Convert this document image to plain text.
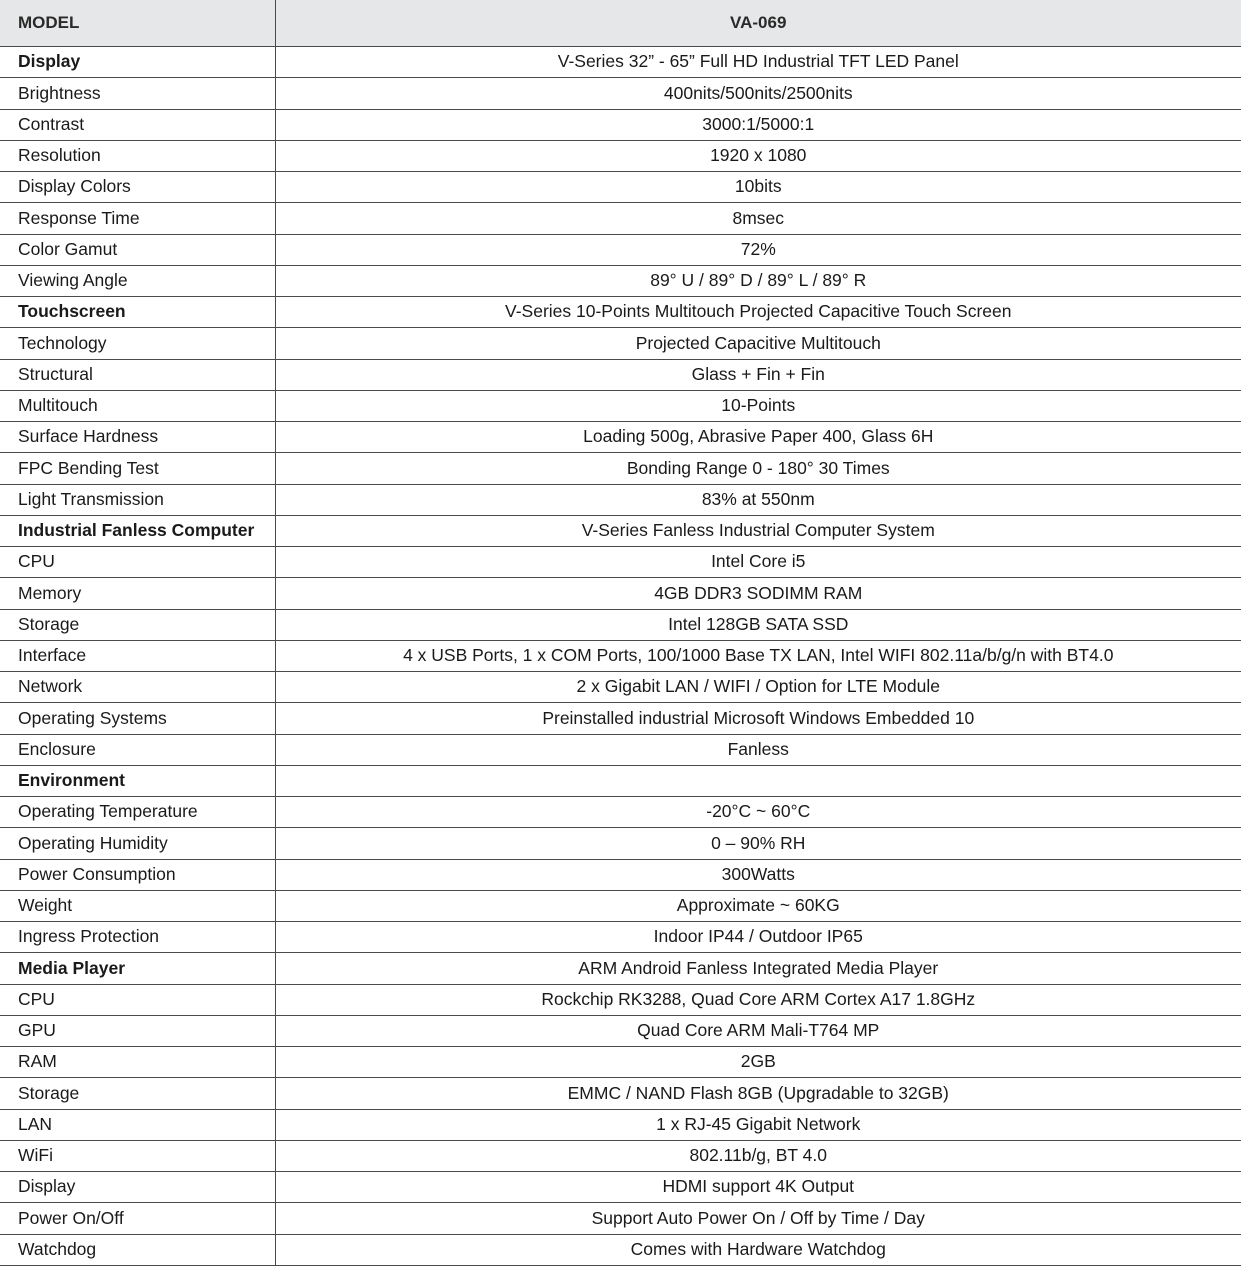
MODEL	VA-069
Display	V-Series 32” - 65” Full HD Industrial TFT LED Panel
Brightness	400nits/500nits/2500nits
Contrast	3000:1/5000:1
Resolution	1920 x 1080
Display Colors	10bits
Response Time	8msec
Color Gamut	72%
Viewing Angle	89° U / 89° D / 89° L / 89° R
Touchscreen	V-Series 10-Points Multitouch Projected Capacitive Touch Screen
Technology	Projected Capacitive Multitouch
Structural	Glass + Fin + Fin
Multitouch	10-Points
Surface Hardness	Loading 500g, Abrasive Paper 400, Glass 6H
FPC Bending Test	Bonding Range 0 - 180° 30 Times
Light Transmission	83% at 550nm
Industrial Fanless Computer	V-Series Fanless Industrial Computer System
CPU	Intel Core i5
Memory	4GB DDR3 SODIMM RAM
Storage	Intel 128GB SATA SSD
Interface	4 x USB Ports, 1 x COM Ports, 100/1000 Base TX LAN, Intel WIFI 802.11a/b/g/n with BT4.0
Network	2 x Gigabit LAN / WIFI / Option for LTE Module
Operating Systems	Preinstalled industrial Microsoft Windows Embedded 10
Enclosure	Fanless
Environment	
Operating Temperature	-20°C ~ 60°C
Operating Humidity	0 – 90% RH
Power Consumption	300Watts
Weight	Approximate ~ 60KG
Ingress Protection	Indoor IP44 / Outdoor IP65
Media Player	ARM Android Fanless Integrated Media Player
CPU	Rockchip RK3288, Quad Core ARM Cortex A17 1.8GHz
GPU	Quad Core ARM Mali-T764 MP
RAM	2GB
Storage	EMMC / NAND Flash 8GB (Upgradable to 32GB)
LAN	1 x RJ-45 Gigabit Network
WiFi	802.11b/g, BT 4.0
Display	HDMI support 4K Output
Power On/Off	Support Auto Power On / Off by Time / Day
Watchdog	Comes with Hardware Watchdog
